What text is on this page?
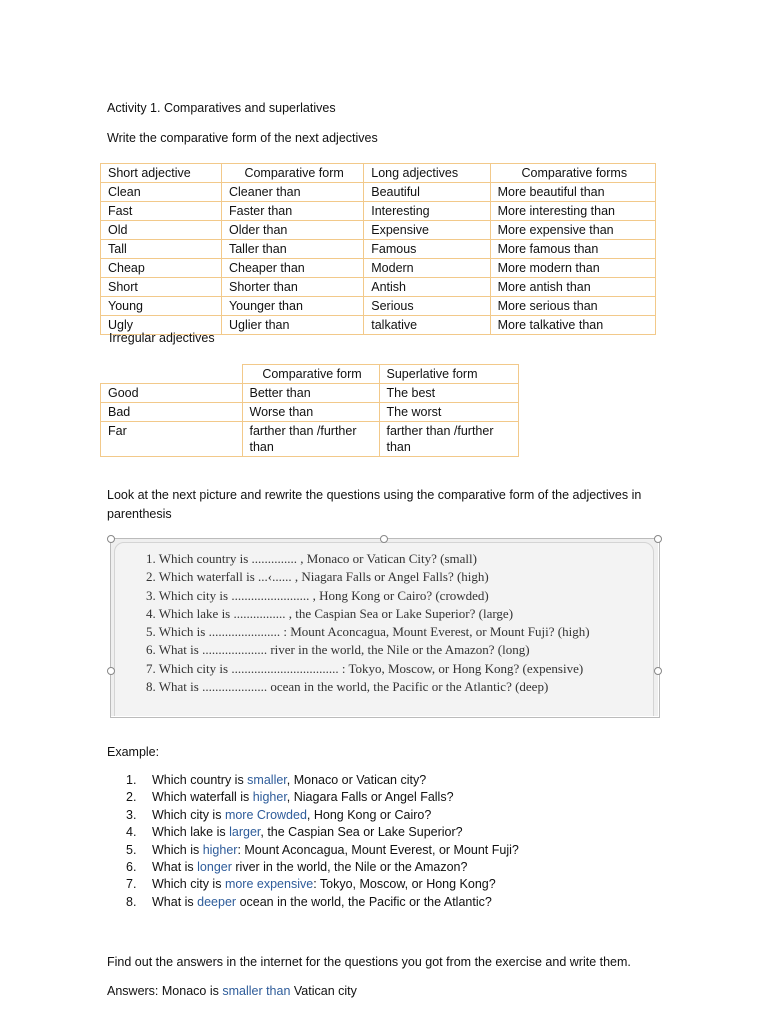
Activity 1. Comparatives and superlatives
Write the comparative form of the next adjectives
Short adjective	Comparative form	Long adjectives	Comparative forms
Clean	Cleaner than	Beautiful	More beautiful than
Fast	Faster than	Interesting	More interesting than
Old	Older than	Expensive	More expensive than
Tall	Taller than	Famous	More famous than
Cheap	Cheaper than	Modern	More modern than
Short	Shorter than	Antish	More antish than
Young	Younger than	Serious	More serious than
Ugly	Uglier than	talkative	More talkative than
Irregular adjectives
	Comparative form	Superlative form
Good	Better than	The best
Bad	Worse than	The worst
Far	farther than /further than	farther than /further than
Look at the next picture and rewrite the questions using the comparative form of the adjectives in parenthesis
1. Which country is .............. , Monaco or Vatican City? (small)
2. Which waterfall is ...‹...... , Niagara Falls or Angel Falls? (high)
3. Which city is ........................ , Hong Kong or Cairo? (crowded)
4. Which lake is ................ , the Caspian Sea or Lake Superior? (large)
5. Which is ...................... : Mount Aconcagua, Mount Everest, or Mount Fuji? (high)
6. What is .................... river in the world, the Nile or the Amazon? (long)
7. Which city is ................................. : Tokyo, Moscow, or Hong Kong? (expensive)
8. What is .................... ocean in the world, the Pacific or the Atlantic? (deep)
Example:
1. Which country is smaller, Monaco or Vatican city?
2. Which waterfall is higher, Niagara Falls or Angel Falls?
3. Which city is more Crowded, Hong Kong or Cairo?
4. Which lake is larger, the Caspian Sea or Lake Superior?
5. Which is higher: Mount Aconcagua, Mount Everest, or Mount Fuji?
6. What is longer river in the world, the Nile or the Amazon?
7. Which city is more expensive: Tokyo, Moscow, or Hong Kong?
8. What is deeper ocean in the world, the Pacific or the Atlantic?
Find out the answers in the internet for the questions you got from the exercise and write them.
Answers: Monaco is smaller than Vatican city
